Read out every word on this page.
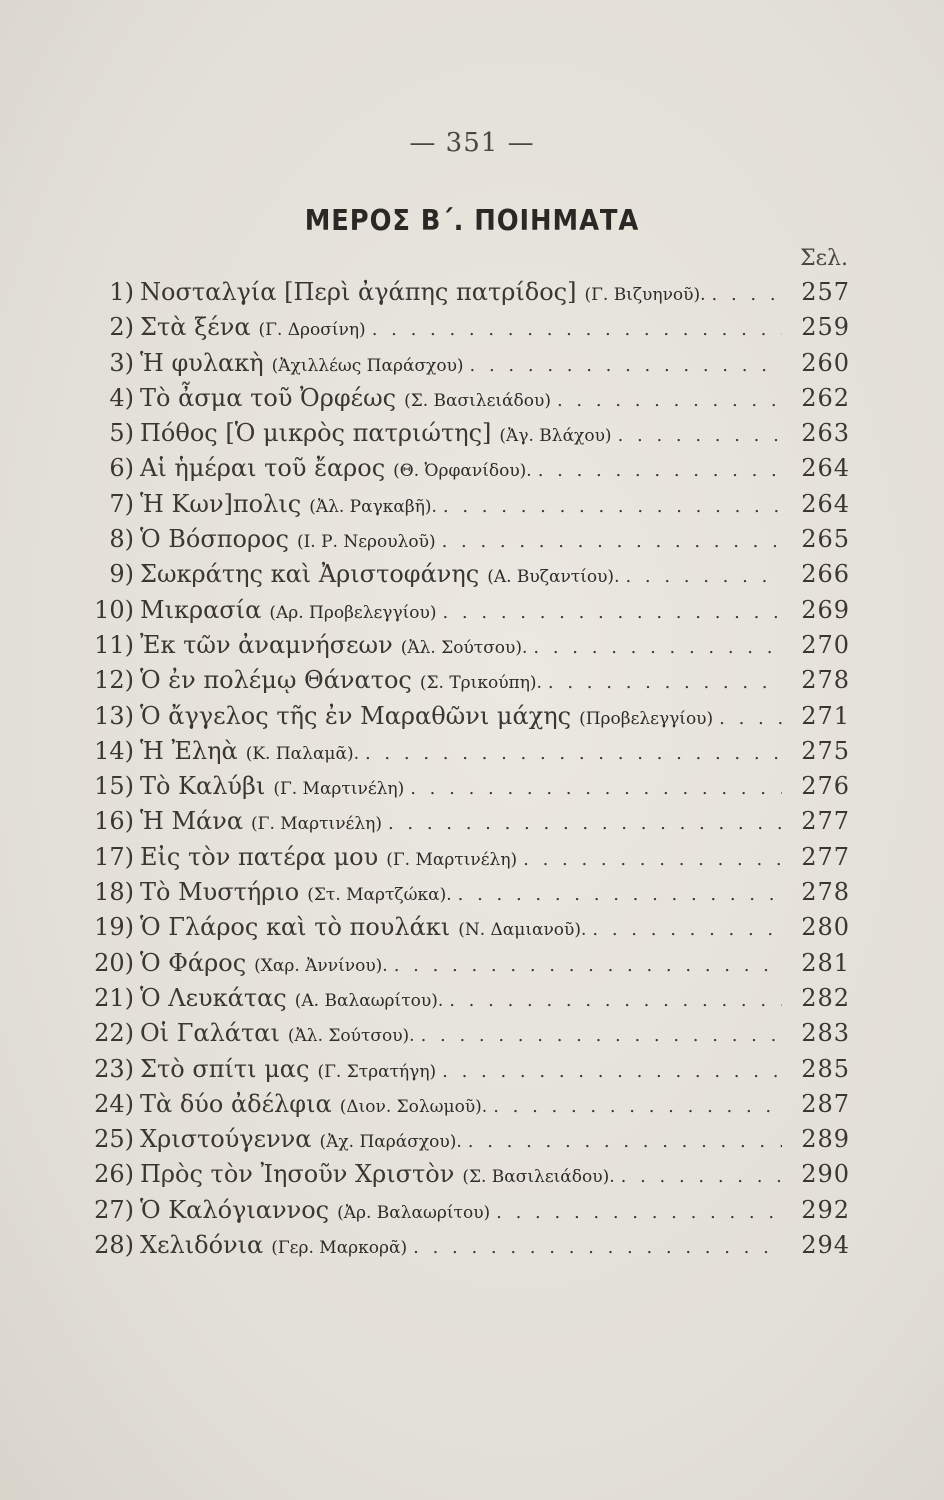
— 351 —
ΜΕΡΟΣ Β΄. ΠΟΙΗΜΑΤΑ
Σελ.
1) Νοσταλγία [Περὶ ἀγάπης πατρίδος] (Γ. Βιζυηνοῦ). . . .	257
2) Στὰ ξένα (Γ. Δροσίνη) . . .	259
3) Ἡ φυλακὴ (Ἀχιλλέως Παράσχου) . . .	260
4) Τὸ ἆσμα τοῦ Ὀρφέως (Σ. Βασιλειάδου) . . .	262
5) Πόθος [Ὁ μικρὸς πατριώτης] (Ἀγ. Βλάχου) . . .	263
6) Αἱ ἡμέραι τοῦ ἔαρος (Θ. Ὀρφανίδου). . . .	264
7) Ἡ Κων]πολις (Ἀλ. Ραγκαβῆ). . . .	264
8) Ὁ Βόσπορος (Ι. Ρ. Νερουλοῦ) . . .	265
9) Σωκράτης καὶ Ἀριστοφάνης (Α. Βυζαντίου). . . .	266
10) Μικρασία (Αρ. Προβελεγγίου) . . .	269
11) Ἐκ τῶν ἀναμνήσεων (Ἀλ. Σούτσου). . . .	270
12) Ὁ ἐν πολέμῳ Θάνατος (Σ. Τρικούπη). . . .	278
13) Ὁ ἄγγελος τῆς ἐν Μαραθῶνι μάχης (Προβελεγγίου) . . .	271
14) Ἡ Ἐληὰ (Κ. Παλαμᾶ). . . .	275
15) Τὸ Καλύβι (Γ. Μαρτινέλη) . . .	276
16) Ἡ Μάνα (Γ. Μαρτινέλη) . . .	277
17) Εἰς τὸν πατέρα μου (Γ. Μαρτινέλη) . . .	277
18) Τὸ Μυστήριο (Στ. Μαρτζώκα). . . .	278
19) Ὁ Γλάρος καὶ τὸ πουλάκι (Ν. Δαμιανοῦ). . . .	280
20) Ὁ Φάρος (Χαρ. Ἀννίνου). . . .	281
21) Ὁ Λευκάτας (Α. Βαλαωρίτου). . . .	282
22) Οἱ Γαλάται (Ἀλ. Σούτσου). . . .	283
23) Στὸ σπίτι μας (Γ. Στρατήγη) . . .	285
24) Τὰ δύο ἀδέλφια (Διον. Σολωμοῦ). . . .	287
25) Χριστούγεννα (Ἀχ. Παράσχου). . . .	289
26) Πρὸς τὸν Ἰησοῦν Χριστὸν (Σ. Βασιλειάδου). . . .	290
27) Ὁ Καλόγιαννος (Ἀρ. Βαλαωρίτου) . . .	292
28) Χελιδόνια (Γερ. Μαρκορᾶ) . . .	294
